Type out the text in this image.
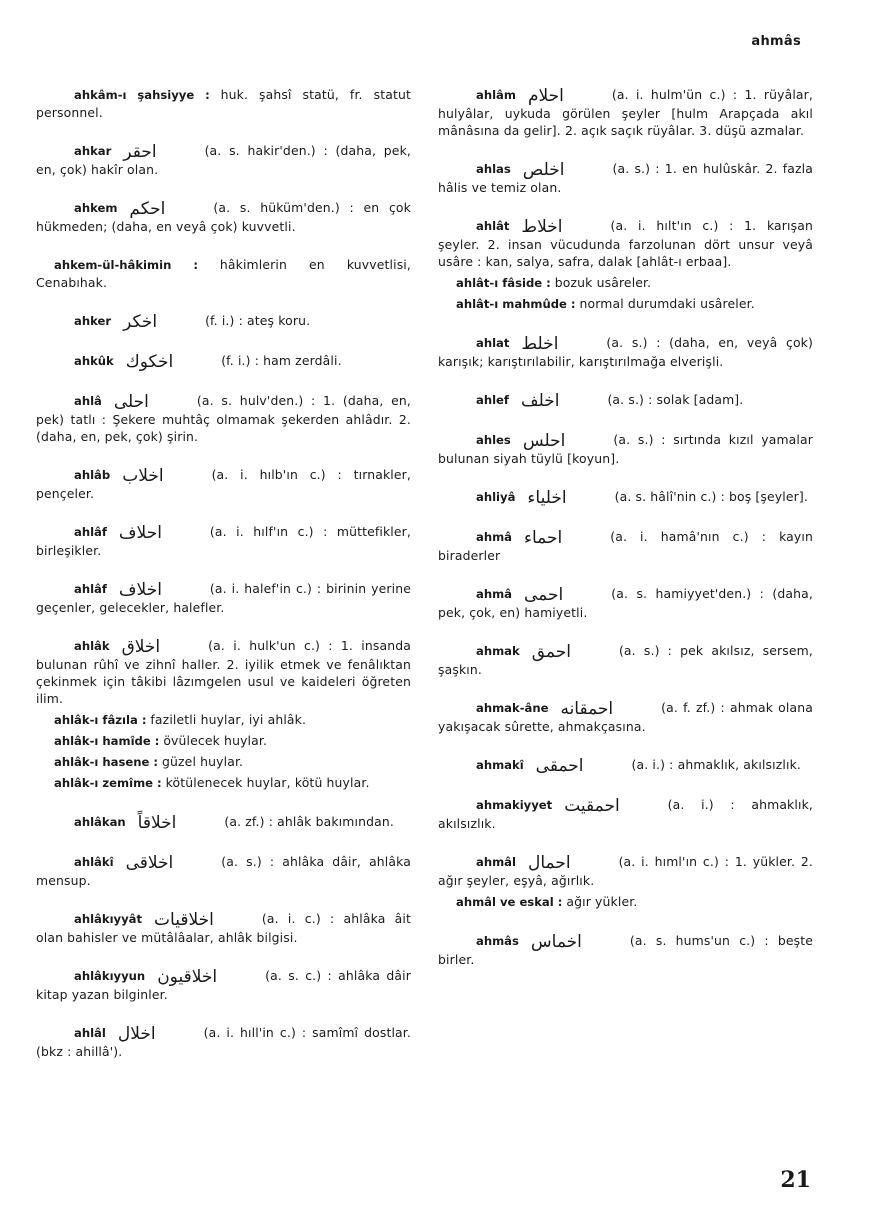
ahmâs

ahkâm-ı şahsiyye : huk. şahsî statü, fr. statut personnel.

ahkar احقر	(a. s. hakir'den.) : (daha, pek, en, çok) hakîr olan.

ahkem احكم	(a. s. hüküm'den.) : en çok hükmeden; (daha, en veyâ çok) kuvvetli.

ahkem-ül-hâkimin : hâkimlerin en kuvvetlisi, Cenabıhak.

ahker اخكر	(f. i.) : ateş koru.

ahkûk اخكوك	(f. i.) : ham zerdâli.

ahlâ احلى	(a. s. hulv'den.) : 1. (daha, en, pek) tatlı : Şekere muhtâç olmamak şekerden ahlâdır. 2. (daha, en, pek, çok) şirin.

ahlâb اخلاب	(a. i. hılb'ın c.) : tırnakler, pençeler.

ahlâf احلاف	(a. i. hılf'ın c.) : müttefikler, birleşikler.

ahlâf اخلاف	(a. i. halef'in c.) : birinin yerine geçenler, gelecekler, halefler.

ahlâk اخلاق	(a. i. hulk'un c.) : 1. insanda bulunan rûhî ve zihnî haller. 2. iyilik etmek ve fenâlıktan çekinmek için tâkibi lâzımgelen usul ve kaideleri öğreten ilim.

ahlâk-ı fâzıla : faziletli huylar, iyi ahlâk.

ahlâk-ı hamîde : övülecek huylar.

ahlâk-ı hasene : güzel huylar.

ahlâk-ı zemîme : kötülenecek huylar, kötü huylar.

ahlâkan اخلاقاً	(a. zf.) : ahlâk bakımından.

ahlâkî اخلاقى	(a. s.) : ahlâka dâir, ahlâka mensup.

ahlâkıyyât اخلاقيات	(a. i. c.) : ahlâka âit olan bahisler ve mütâlâalar, ahlâk bilgisi.

ahlâkıyyun اخلاقيون	(a. s. c.) : ahlâka dâir kitap yazan bilginler.

ahlâl اخلال	(a. i. hıll'in c.) : samîmî dostlar. (bkz : ahillâ').

ahlâm احلام	(a. i. hulm'ün c.) : 1. rüyâlar, hulyâlar, uykuda görülen şeyler [hulm Arapçada akıl mânâsına da gelir]. 2. açık saçık rüyâlar. 3. düşü azmalar.

ahlas اخلص	(a. s.) : 1. en hulûskâr. 2. fazla hâlis ve temiz olan.

ahlât اخلاط	(a. i. hılt'ın c.) : 1. karışan şeyler. 2. insan vücudunda farzolunan dört unsur veyâ usâre : kan, salya, safra, dalak [ahlât-ı erbaa].

ahlât-ı fâside : bozuk usâreler.

ahlât-ı mahmûde : normal durumdaki usâreler.

ahlat اخلط	(a. s.) : (daha, en, veyâ çok) karışık; karıştırılabilir, karıştırılmağa elverişli.

ahlef اخلف	(a. s.) : solak [adam].

ahles احلس	(a. s.) : sırtında kızıl yamalar bulunan siyah tüylü [koyun].

ahliyâ اخلياء	(a. s. hâlî'nin c.) : boş [şeyler].

ahmâ احماء	(a. i. hamâ'nın c.) : kayın biraderler

ahmâ احمى	(a. s. hamiyyet'den.) : (daha, pek, çok, en) hamiyetli.

ahmak احمق	(a. s.) : pek akılsız, sersem, şaşkın.

ahmak-âne احمقانه	(a. f. zf.) : ahmak olana yakışacak sûrette, ahmakçasına.

ahmakî احمقى	(a. i.) : ahmaklık, akılsızlık.

ahmakiyyet احمقيت	(a. i.) : ahmaklık, akılsızlık.

ahmâl احمال	(a. i. hıml'ın c.) : 1. yükler. 2. ağır şeyler, eşyâ, ağırlık.

ahmâl ve eskal : ağır yükler.

ahmâs اخماس	(a. s. hums'un c.) : beşte birler.

21
